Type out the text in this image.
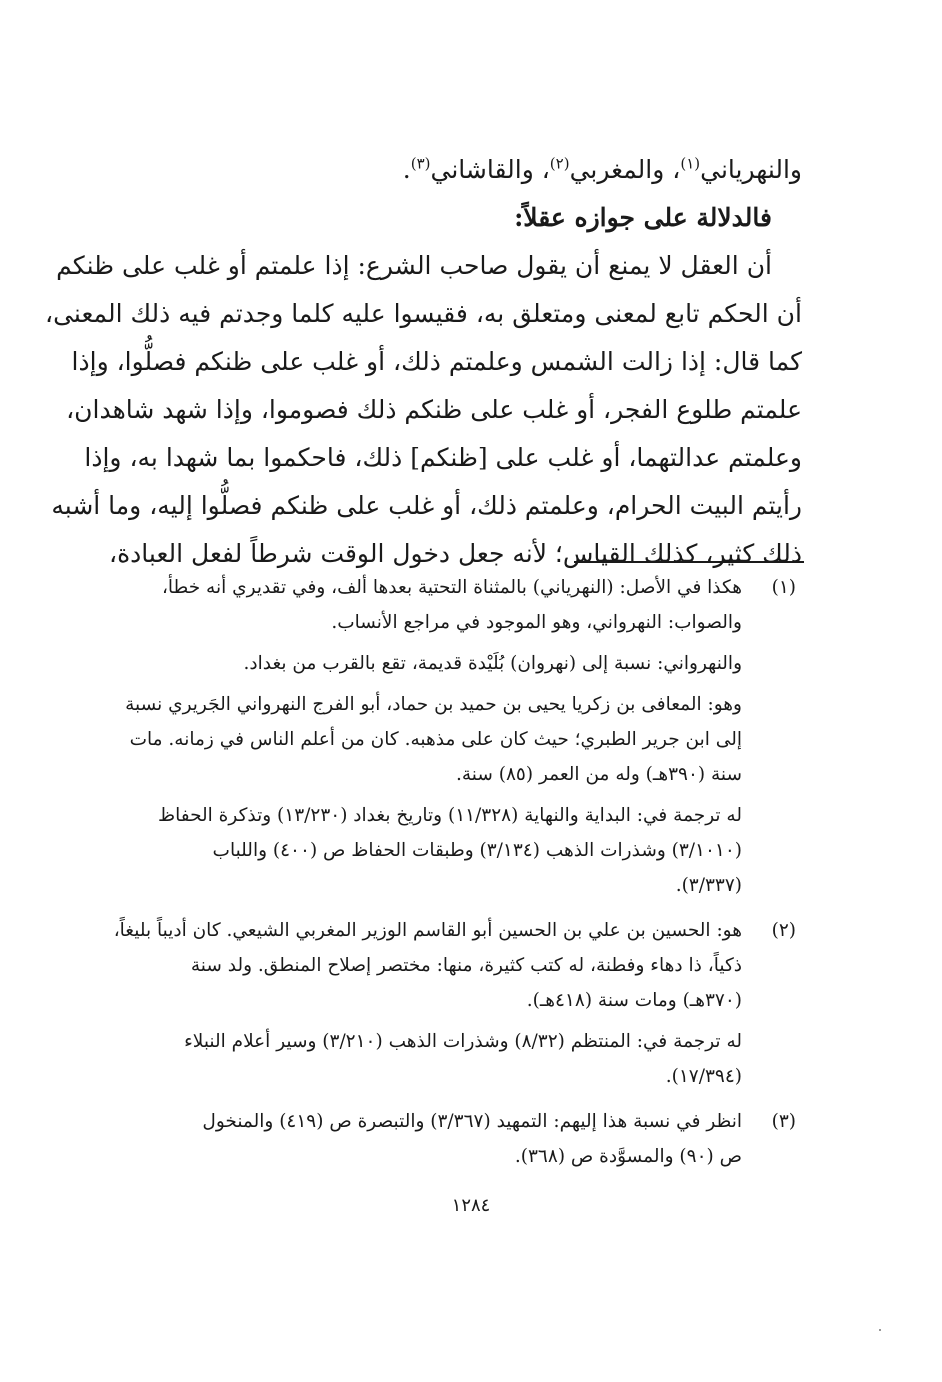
والنهرياني$^{(١)}$، والمغربي$^{(٢)}$، والقاشاني$^{(٣)}$.
فالدلالة على جوازه عقلاً:
أن العقل لا يمنع أن يقول صاحب الشرع: إذا علمتم أو غلب على ظنكم
أن الحكم تابع لمعنى ومتعلق به، فقيسوا عليه كلما وجدتم فيه ذلك المعنى،
كما قال: إذا زالت الشمس وعلمتم ذلك، أو غلب على ظنكم فصلُّوا، وإذا
علمتم طلوع الفجر، أو غلب على ظنكم ذلك فصوموا، وإذا شهد شاهدان،
وعلمتم عدالتهما، أو غلب على [ظنكم] ذلك، فاحكموا بما شهدا به، وإذا
رأيتم البيت الحرام، وعلمتم ذلك، أو غلب على ظنكم فصلُّوا إليه، وما أشبه
ذلك كثير، كذلك القياس؛ لأنه جعل دخول الوقت شرطاً لفعل العبادة،
(١)
هكذا في الأصل: (النهرياني) بالمثناة التحتية بعدها ألف، وفي تقديري أنه خطأ،
والصواب: النهرواني، وهو الموجود في مراجع الأنساب.
والنهرواني: نسبة إلى (نهروان) بُلَيْدة قديمة، تقع بالقرب من بغداد.
وهو: المعافى بن زكريا يحيى بن حميد بن حماد، أبو الفرج النهرواني الجَريري نسبة
إلى ابن جرير الطبري؛ حيث كان على مذهبه. كان من أعلم الناس في زمانه. مات
سنة (٣٩٠هـ) وله من العمر (٨٥) سنة.
له ترجمة في: البداية والنهاية (١١/٣٢٨) وتاريخ بغداد (١٣/٢٣٠) وتذكرة الحفاظ
(٣/١٠١٠) وشذرات الذهب (٣/١٣٤) وطبقات الحفاظ ص (٤٠٠) واللباب
(٣/٣٣٧).
(٢)
هو: الحسين بن علي بن الحسين أبو القاسم الوزير المغربي الشيعي. كان أديباً بليغاً،
ذكياً، ذا دهاء وفطنة، له كتب كثيرة، منها: مختصر إصلاح المنطق. ولد سنة
(٣٧٠هـ) ومات سنة (٤١٨هـ).
له ترجمة في: المنتظم (٨/٣٢) وشذرات الذهب (٣/٢١٠) وسير أعلام النبلاء
(١٧/٣٩٤).
(٣)
انظر في نسبة هذا إليهم: التمهيد (٣/٣٦٧) والتبصرة ص (٤١٩) والمنخول
ص (٩٠) والمسوَّدة ص (٣٦٨).
١٢٨٤
